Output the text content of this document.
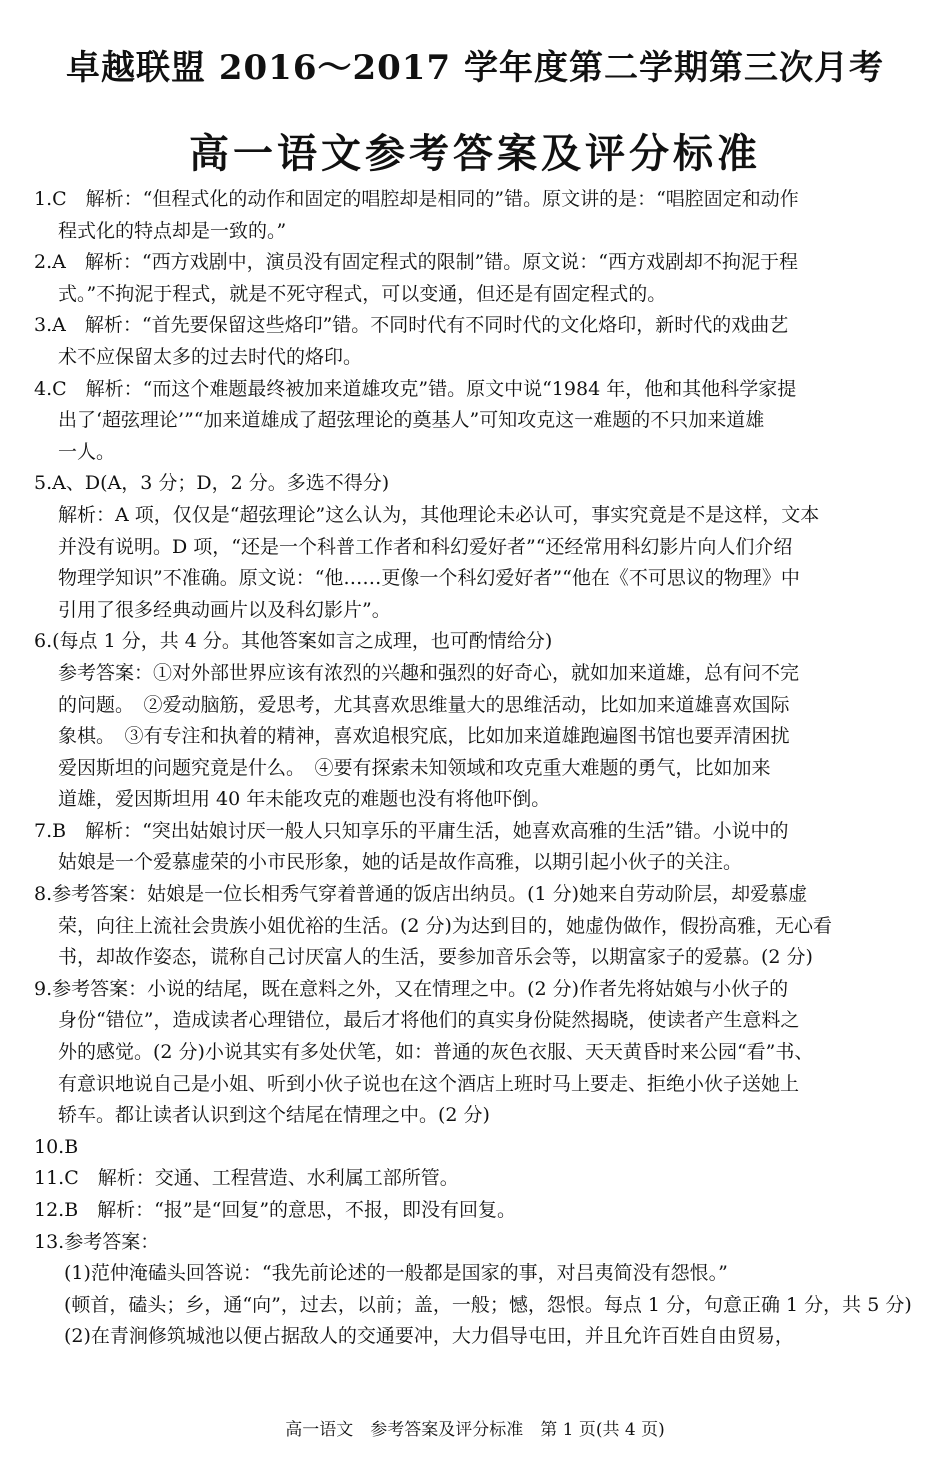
卓越联盟 2016～2017 学年度第二学期第三次月考
高一语文参考答案及评分标准
1.C　解析：“但程式化的动作和固定的唱腔却是相同的”错。原文讲的是：“唱腔固定和动作
程式化的特点却是一致的。”
2.A　解析：“西方戏剧中，演员没有固定程式的限制”错。原文说：“西方戏剧却不拘泥于程
式。”不拘泥于程式，就是不死守程式，可以变通，但还是有固定程式的。
3.A　解析：“首先要保留这些烙印”错。不同时代有不同时代的文化烙印，新时代的戏曲艺
术不应保留太多的过去时代的烙印。
4.C　解析：“而这个难题最终被加来道雄攻克”错。原文中说“1984 年，他和其他科学家提
出了‘超弦理论’”“加来道雄成了超弦理论的奠基人”可知攻克这一难题的不只加来道雄
一人。
5.A、D(A，3 分；D，2 分。多选不得分)
解析：A 项，仅仅是“超弦理论”这么认为，其他理论未必认可，事实究竟是不是这样，文本
并没有说明。D 项，“还是一个科普工作者和科幻爱好者”“还经常用科幻影片向人们介绍
物理学知识”不准确。原文说：“他……更像一个科幻爱好者”“他在《不可思议的物理》中
引用了很多经典动画片以及科幻影片”。
6.(每点 1 分，共 4 分。其他答案如言之成理，也可酌情给分)
参考答案：①对外部世界应该有浓烈的兴趣和强烈的好奇心，就如加来道雄，总有问不完
的问题。　②爱动脑筋，爱思考，尤其喜欢思维量大的思维活动，比如加来道雄喜欢国际
象棋。　③有专注和执着的精神，喜欢追根究底，比如加来道雄跑遍图书馆也要弄清困扰
爱因斯坦的问题究竟是什么。　④要有探索未知领域和攻克重大难题的勇气，比如加来
道雄，爱因斯坦用 40 年未能攻克的难题也没有将他吓倒。
7.B　解析：“突出姑娘讨厌一般人只知享乐的平庸生活，她喜欢高雅的生活”错。小说中的
姑娘是一个爱慕虚荣的小市民形象，她的话是故作高雅，以期引起小伙子的关注。
8.参考答案：姑娘是一位长相秀气穿着普通的饭店出纳员。(1 分)她来自劳动阶层，却爱慕虚
荣，向往上流社会贵族小姐优裕的生活。(2 分)为达到目的，她虚伪做作，假扮高雅，无心看
书，却故作姿态，谎称自己讨厌富人的生活，要参加音乐会等，以期富家子的爱慕。(2 分)
9.参考答案：小说的结尾，既在意料之外，又在情理之中。(2 分)作者先将姑娘与小伙子的
身份“错位”，造成读者心理错位，最后才将他们的真实身份陡然揭晓，使读者产生意料之
外的感觉。(2 分)小说其实有多处伏笔，如：普通的灰色衣服、天天黄昏时来公园“看”书、
有意识地说自己是小姐、听到小伙子说也在这个酒店上班时马上要走、拒绝小伙子送她上
轿车。都让读者认识到这个结尾在情理之中。(2 分)
10.B
11.C　解析：交通、工程营造、水利属工部所管。
12.B　解析：“报”是“回复”的意思，不报，即没有回复。
13.参考答案：
(1)范仲淹磕头回答说：“我先前论述的一般都是国家的事，对吕夷简没有怨恨。”
(顿首，磕头；乡，通“向”，过去，以前；盖，一般；憾，怨恨。每点 1 分，句意正确 1 分，共 5 分)
(2)在青涧修筑城池以便占据敌人的交通要冲，大力倡导屯田，并且允许百姓自由贸易，
高一语文　参考答案及评分标准　第 1 页(共 4 页)
